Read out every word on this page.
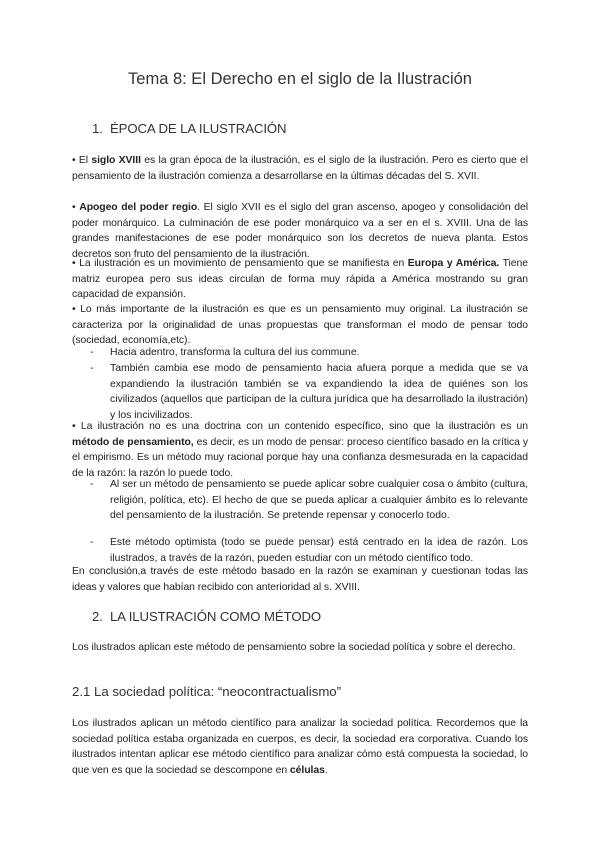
Tema 8: El Derecho en el siglo de la Ilustración
1. ÉPOCA DE LA ILUSTRACIÓN

• El siglo XVIII es la gran época de la ilustración, es el siglo de la ilustración. Pero es cierto que el pensamiento de la ilustración comienza a desarrollarse en la últimas décadas del S. XVII.

• Apogeo del poder regio. El siglo XVII es el siglo del gran ascenso, apogeo y consolidación del poder monárquico. La culminación de ese poder monárquico va a ser en el s. XVIII. Una de las grandes manifestaciones de ese poder monárquico son los decretos de nueva planta. Estos decretos son fruto del pensamiento de la ilustración.

• La ilustración es un movimiento de pensamiento que se manifiesta en Europa y América. Tiene matriz europea pero sus ideas circulan de forma muy rápida a América mostrando su gran capacidad de expansión.

• Lo más importante de la ilustración es que es un pensamiento muy original. La ilustración se caracteriza por la originalidad de unas propuestas que transforman el modo de pensar todo (sociedad, economía,etc).

- Hacia adentro, transforma la cultura del ius commune.
- También cambia ese modo de pensamiento hacia afuera porque a medida que se va expandiendo la ilustración también se va expandiendo la idea de quiénes son los civilizados (aquellos que participan de la cultura jurídica que ha desarrollado la ilustración) y los incivilizados.

• La ilustración no es una doctrina con un contenido específico, sino que la ilustración es un método de pensamiento, es decir, es un modo de pensar: proceso científico basado en la crítica y el empirismo. Es un método muy racional porque hay una confianza desmesurada en la capacidad de la razón: la razón lo puede todo.

- Al ser un método de pensamiento se puede aplicar sobre cualquier cosa o ámbito (cultura, religión, política, etc). El hecho de que se pueda aplicar a cualquier ámbito es lo relevante del pensamiento de la ilustración. Se pretende repensar y conocerlo todo.
- Este método optimista (todo se puede pensar) está centrado en la idea de razón. Los ilustrados, a través de la razón, pueden estudiar con un método científico todo.

En conclusión,a través de este método basado en la razón se examinan y cuestionan todas las ideas y valores que habían recibido con anterioridad al s. XVIII.

2. LA ILUSTRACIÓN COMO MÉTODO

Los ilustrados aplican este método de pensamiento sobre la sociedad política y sobre el derecho.

2.1 La sociedad política: “neocontractualismo”

Los ilustrados aplican un método científico para analizar la sociedad política. Recordemos que la sociedad política estaba organizada en cuerpos, es decir, la sociedad era corporativa. Cuando los ilustrados intentan aplicar ese método científico para analizar cómo está compuesta la sociedad, lo que ven es que la sociedad se descompone en células.
